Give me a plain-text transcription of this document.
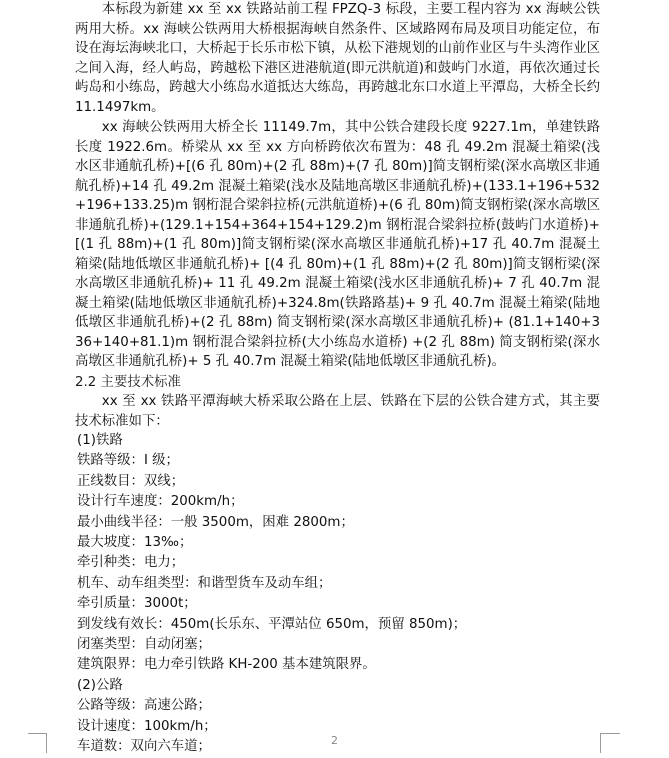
本标段为新建 xx 至 xx 铁路站前工程 FPZQ-3 标段，主要工程内容为 xx 海峡公铁两用大桥。xx 海峡公铁两用大桥根据海峡自然条件、区域路网布局及项目功能定位，布设在海坛海峡北口，大桥起于长乐市松下镇，从松下港规划的山前作业区与牛头湾作业区之间入海，经人屿岛，跨越松下港区进港航道(即元洪航道)和鼓屿门水道，再依次通过长屿岛和小练岛，跨越大小练岛水道抵达大练岛，再跨越北东口水道上平潭岛，大桥全长约 11.1497km。

xx 海峡公铁两用大桥全长 11149.7m，其中公铁合建段长度 9227.1m，单建铁路长度 1922.6m。桥梁从 xx 至 xx 方向桥跨依次布置为：48 孔 49.2m 混凝土箱梁(浅水区非通航孔桥)+[(6 孔 80m)+(2 孔 88m)+(7 孔 80m)]简支钢桁梁(深水高墩区非通航孔桥)+14 孔 49.2m 混凝土箱梁(浅水及陆地高墩区非通航孔桥)+(133.1+196+532+196+133.25)m 钢桁混合梁斜拉桥(元洪航道桥)+(6 孔 80m)简支钢桁梁(深水高墩区非通航孔桥)+(129.1+154+364+154+129.2)m 钢桁混合梁斜拉桥(鼓屿门水道桥)+[(1 孔 88m)+(1 孔 80m)]简支钢桁梁(深水高墩区非通航孔桥)+17 孔 40.7m 混凝土箱梁(陆地低墩区非通航孔桥)+ [(4 孔 80m)+(1 孔 88m)+(2 孔 80m)]简支钢桁梁(深水高墩区非通航孔桥)+ 11 孔 49.2m 混凝土箱梁(浅水区非通航孔桥)+ 7 孔 40.7m 混凝土箱梁(陆地低墩区非通航孔桥)+324.8m(铁路路基)+ 9 孔 40.7m 混凝土箱梁(陆地低墩区非通航孔桥)+(2 孔 88m) 简支钢桁梁(深水高墩区非通航孔桥)+ (81.1+140+336+140+81.1)m 钢桁混合梁斜拉桥(大小练岛水道桥) +(2 孔 88m) 简支钢桁梁(深水高墩区非通航孔桥)+ 5 孔 40.7m 混凝土箱梁(陆地低墩区非通航孔桥)。

2.2 主要技术标准

xx 至 xx 铁路平潭海峡大桥采取公路在上层、铁路在下层的公铁合建方式，其主要技术标准如下：

(1)铁路

铁路等级：I 级；

正线数目：双线；

设计行车速度：200km/h；

最小曲线半径：一般 3500m，困难 2800m；

最大坡度：13‰；

牵引种类：电力；

机车、动车组类型：和谐型货车及动车组；

牵引质量：3000t；

到发线有效长：450m(长乐东、平潭站位 650m，预留 850m)；

闭塞类型：自动闭塞；

建筑限界：电力牵引铁路 KH-200 基本建筑限界。

(2)公路

公路等级：高速公路；

设计速度：100km/h；

车道数：双向六车道；	2
